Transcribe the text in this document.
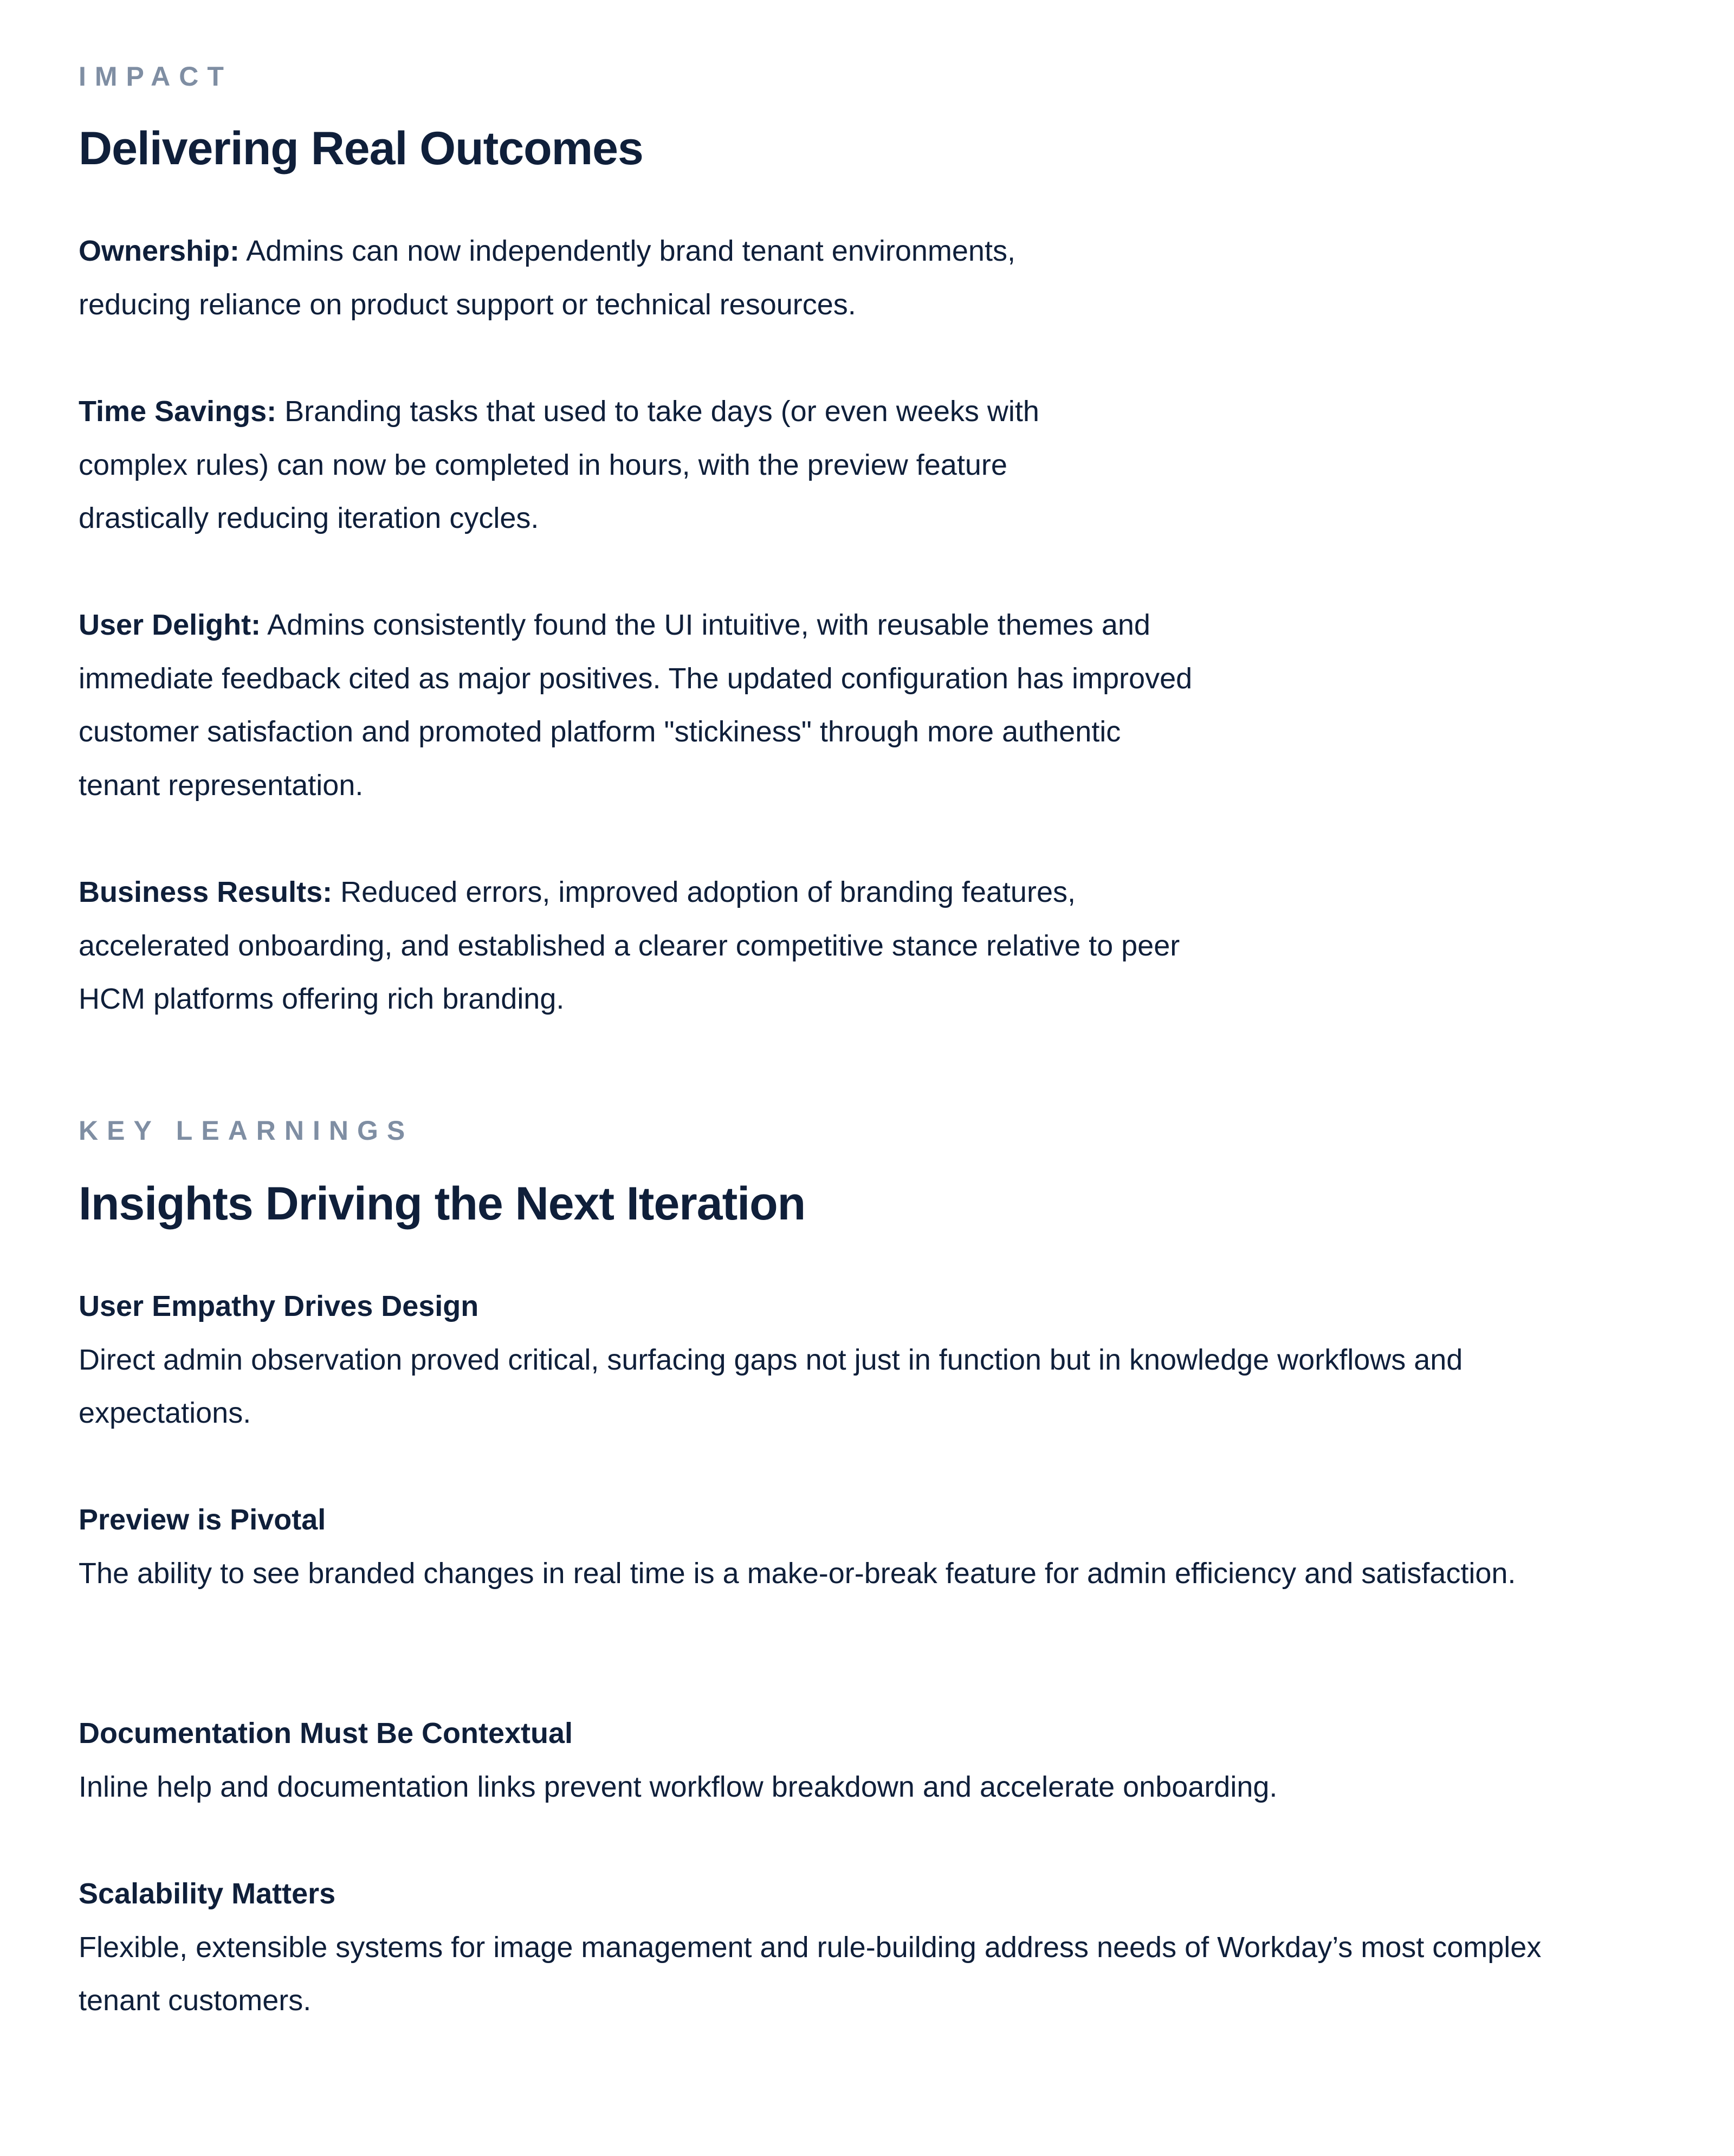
IMPACT

Delivering Real Outcomes

Ownership: Admins can now independently brand tenant environments, reducing reliance on product support or technical resources.

Time Savings: Branding tasks that used to take days (or even weeks with complex rules) can now be completed in hours, with the preview feature drastically reducing iteration cycles.

User Delight: Admins consistently found the UI intuitive, with reusable themes and immediate feedback cited as major positives. The updated configuration has improved customer satisfaction and promoted platform "stickiness" through more authentic tenant representation.

Business Results: Reduced errors, improved adoption of branding features, accelerated onboarding, and established a clearer competitive stance relative to peer HCM platforms offering rich branding.

KEY LEARNINGS

Insights Driving the Next Iteration

User Empathy Drives Design

Direct admin observation proved critical, surfacing gaps not just in function but in knowledge workflows and expectations.

Preview is Pivotal

The ability to see branded changes in real time is a make-or-break feature for admin efficiency and satisfaction.

Documentation Must Be Contextual

Inline help and documentation links prevent workflow breakdown and accelerate onboarding.

Scalability Matters

Flexible, extensible systems for image management and rule-building address needs of Workday’s most complex tenant customers.
